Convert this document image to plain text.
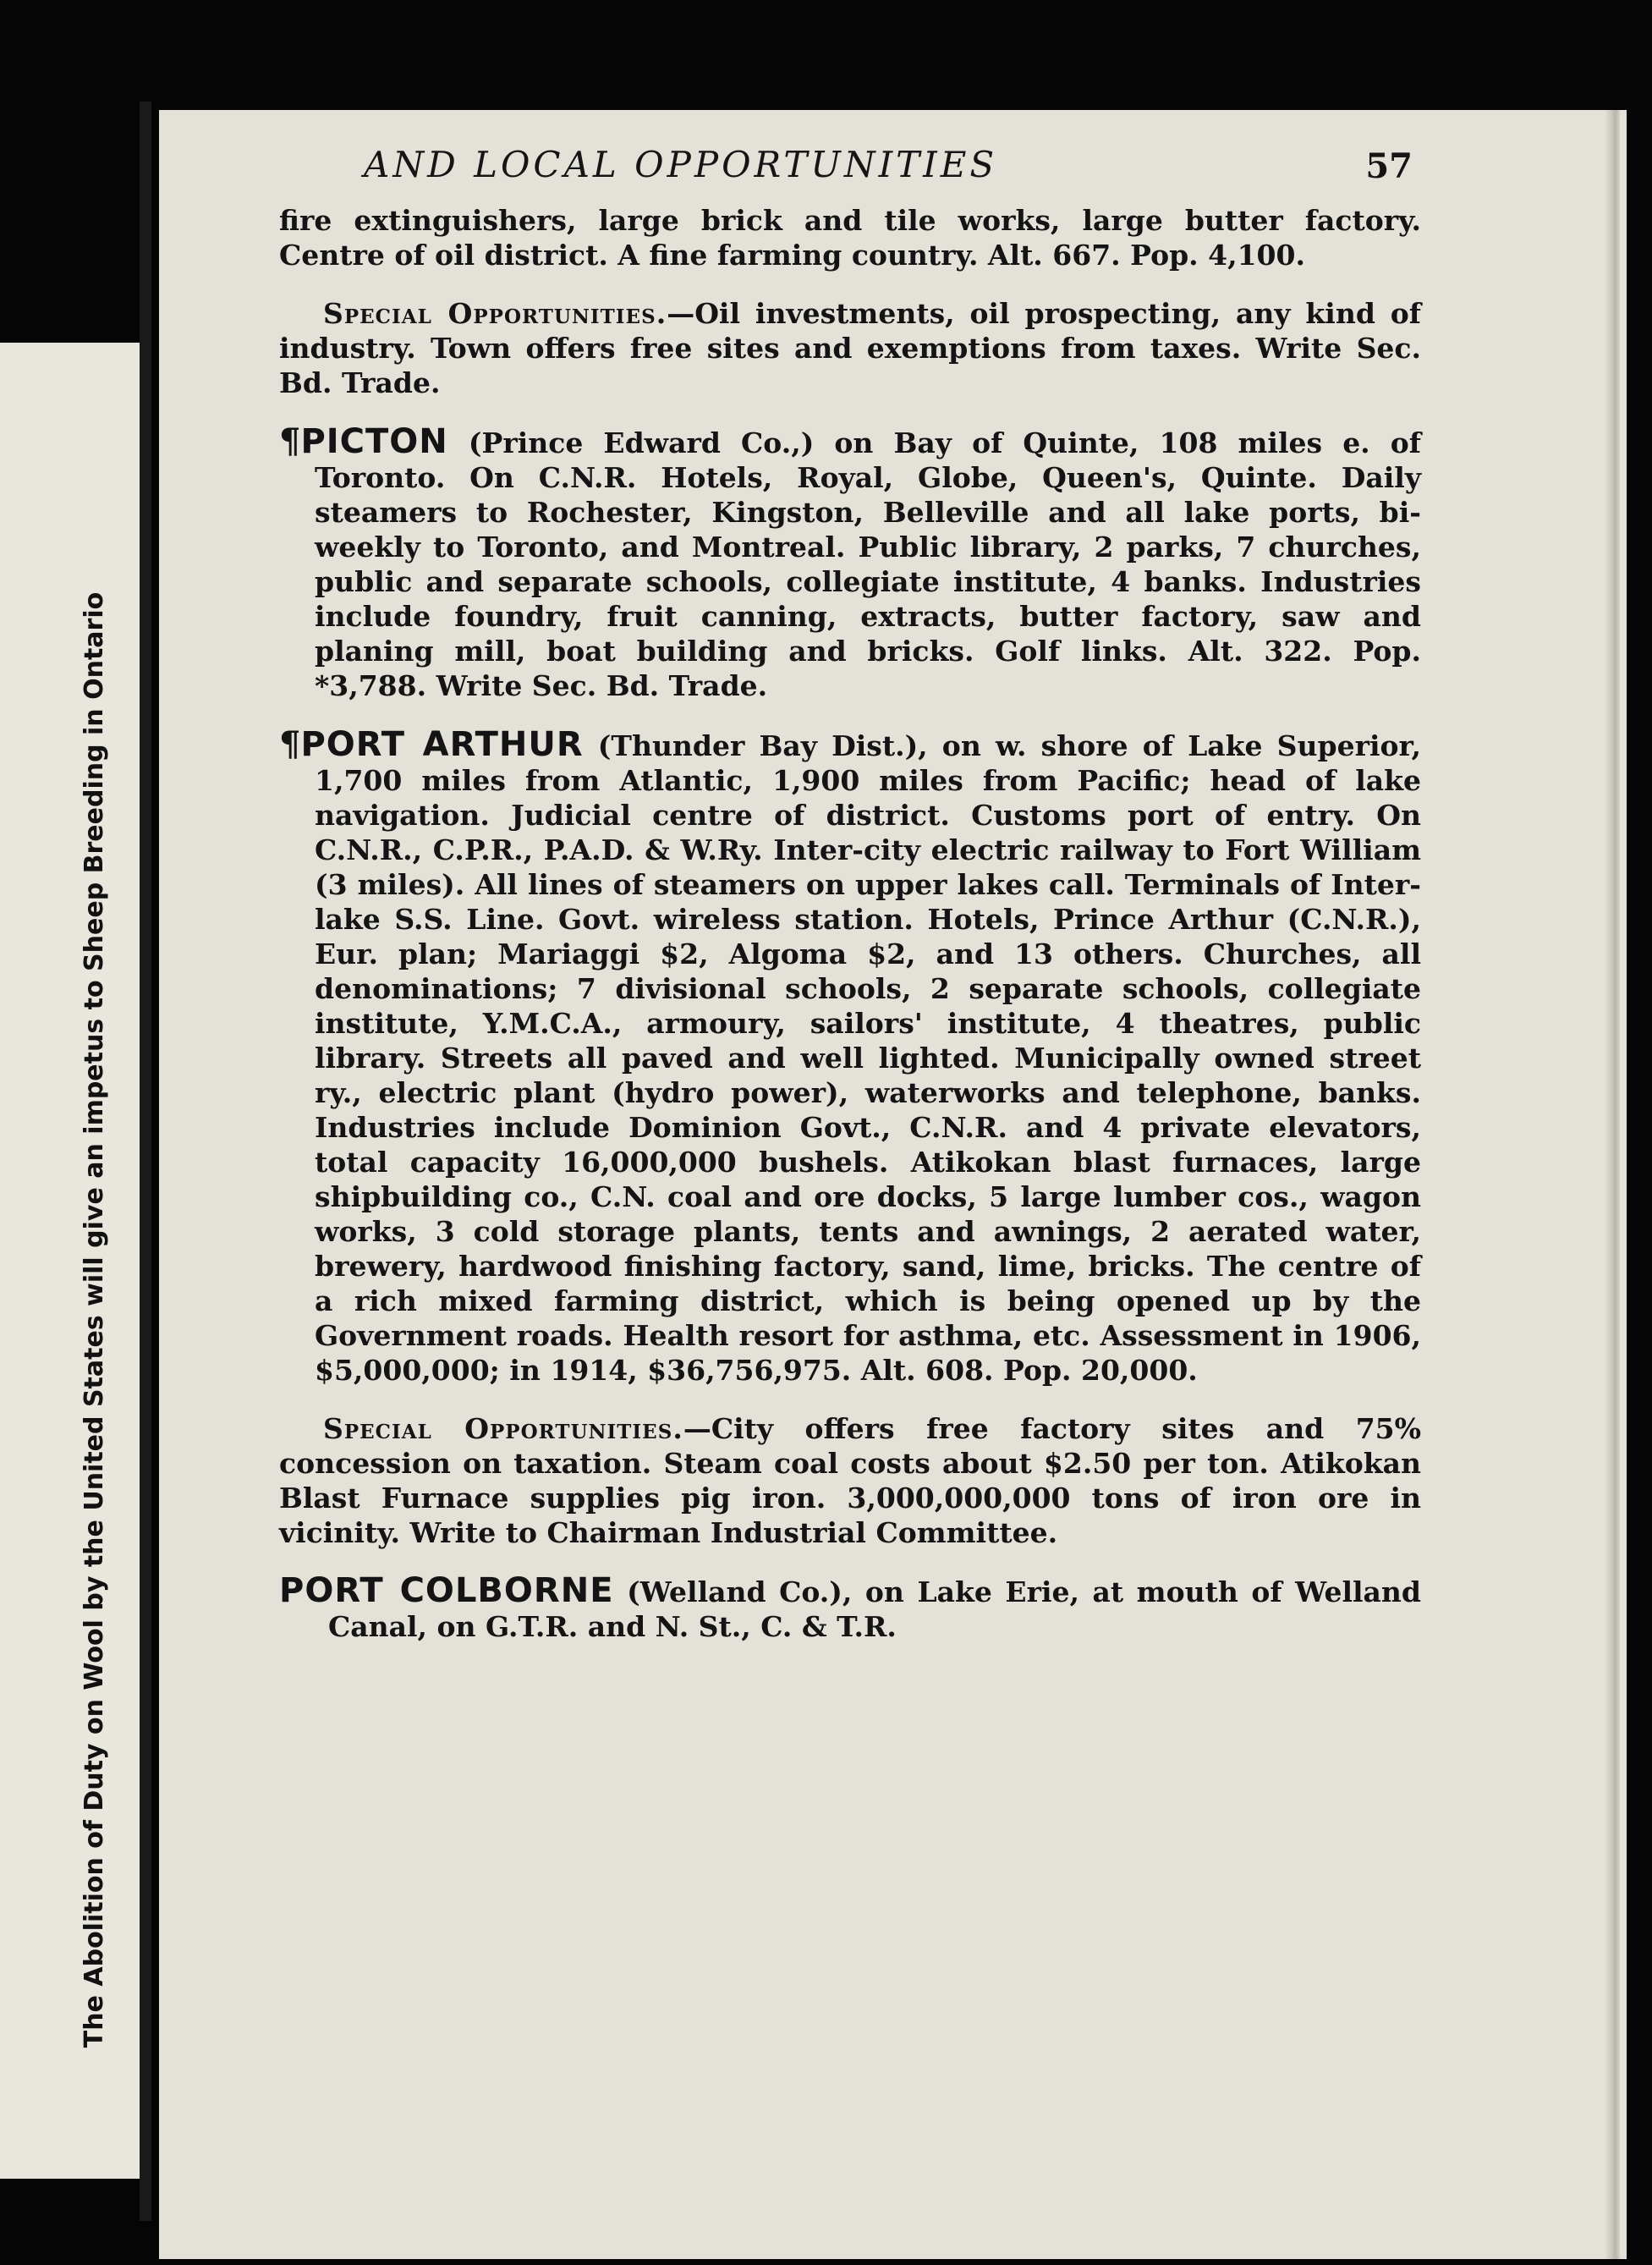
The Abolition of Duty on Wool by the United States will give an impetus to Sheep Breeding in Ontario
AND LOCAL OPPORTUNITIES	57

fire extinguishers, large brick and tile works, large butter factory. Centre of oil district. A fine farming country. Alt. 667. Pop. 4,100.

Special Opportunities.—Oil investments, oil prospecting, any kind of industry. Town offers free sites and exemptions from taxes. Write Sec. Bd. Trade.

¶PICTON (Prince Edward Co.,) on Bay of Quinte, 108 miles e. of Toronto. On C.N.R. Hotels, Royal, Globe, Queen's, Quinte. Daily steamers to Rochester, Kingston, Belleville and all lake ports, bi-weekly to Toronto, and Montreal. Public library, 2 parks, 7 churches, public and separate schools, collegiate institute, 4 banks. Industries include foundry, fruit canning, extracts, butter factory, saw and planing mill, boat building and bricks. Golf links. Alt. 322. Pop. *3,788. Write Sec. Bd. Trade.

¶PORT ARTHUR (Thunder Bay Dist.), on w. shore of Lake Superior, 1,700 miles from Atlantic, 1,900 miles from Pacific; head of lake navigation. Judicial centre of district. Customs port of entry. On C.N.R., C.P.R., P.A.D. & W.Ry. Inter-city electric railway to Fort William (3 miles). All lines of steamers on upper lakes call. Terminals of Inter-lake S.S. Line. Govt. wireless station. Hotels, Prince Arthur (C.N.R.), Eur. plan; Mariaggi $2, Algoma $2, and 13 others. Churches, all denominations; 7 divisional schools, 2 separate schools, collegiate institute, Y.M.C.A., armoury, sailors' institute, 4 theatres, public library. Streets all paved and well lighted. Municipally owned street ry., electric plant (hydro power), waterworks and telephone, banks. Industries include Dominion Govt., C.N.R. and 4 private elevators, total capacity 16,000,000 bushels. Atikokan blast furnaces, large shipbuilding co., C.N. coal and ore docks, 5 large lumber cos., wagon works, 3 cold storage plants, tents and awnings, 2 aerated water, brewery, hardwood finishing factory, sand, lime, bricks. The centre of a rich mixed farming district, which is being opened up by the Government roads. Health resort for asthma, etc. Assessment in 1906, $5,000,000; in 1914, $36,756,975. Alt. 608. Pop. 20,000.

Special Opportunities.—City offers free factory sites and 75% concession on taxation. Steam coal costs about $2.50 per ton. Atikokan Blast Furnace supplies pig iron. 3,000,000,000 tons of iron ore in vicinity. Write to Chairman Industrial Committee.

PORT COLBORNE (Welland Co.), on Lake Erie, at mouth of Welland Canal, on G.T.R. and N. St., C. & T.R.
